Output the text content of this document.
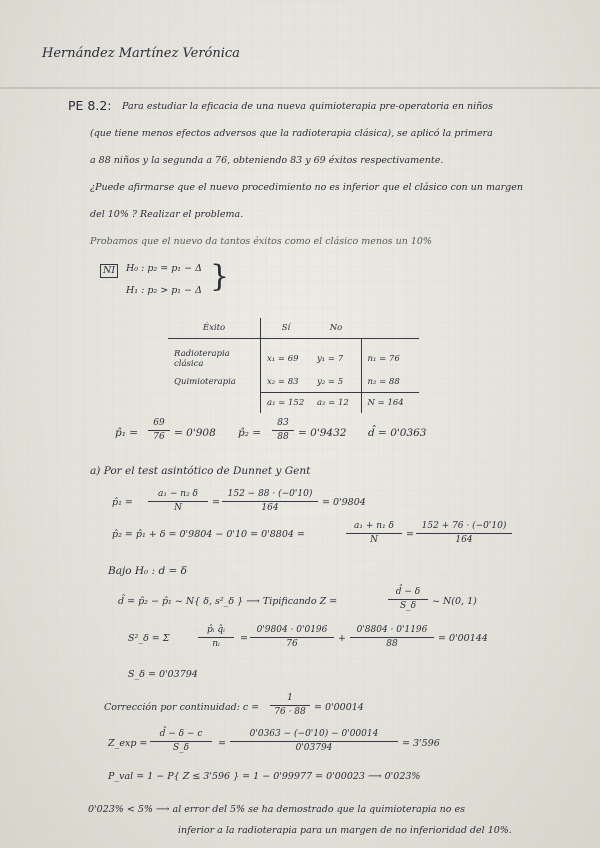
Hernández Martínez Verónica
PE 8.2: Para estudiar la eficacia de una nueva quimioterapia pre-operatoria en niños
(que tiene menos efectos adversos que la radioterapia clásica), se aplicó la primera
a 88 niños y la segunda a 76, obteniendo 83 y 69 éxitos respectivamente.
¿Puede afirmarse que el nuevo procedimiento no es inferior que el clásico con un margen
del 10% ? Realizar el problema.
Probamos que el nuevo da tantos éxitos como el clásico menos un 10%
NI	H₀ : p₂ = p₁ − Δ
H₁ : p₂ > p₁ − Δ }
Éxito	Sí	No	
Radioterapia clásica	x₁ = 69	y₁ = 7	n₁ = 76
Quimioterapia	x₂ = 83	y₂ = 5	n₂ = 88
	a₁ = 152	a₂ = 12	N = 164
p̂₁ = $\frac{69}{76} = 0'908$ p̂₂ = $\frac{83}{88} = 0'9432$ d̂ = 0'0363
a) Por el test asintótico de Dunnet y Gent
p̂₁ = $\frac{\text{a₁ − n₂ δ}}{N} = \frac{152 - 88 \cdot (-0'10)}{164} = 0'9804$
p̂₂ = p̂₁ + δ = 0'9804 − 0'10 = 0'8804 =	$\frac{\text{a₁ + n₁ δ}}{N} = \frac{152 + 76 \cdot (-0'10)}{164}$
Bajo H₀ : d = δ
d̂ = p̂₂ − p̂₁ ~ N{ δ, s²_δ } ⟶ Tipificando Z =	$\frac{d̂ - \delta}{S\_\delta}$ ~ N(0, 1)
S²_δ = Σ	$\frac{\text{p̂ᵢ q̂ᵢ}}{\text{nᵢ}} = \frac{0'9804 \cdot 0'0196}{76} + \frac{0'8804 \cdot 0'1196}{88} = 0'00144$
S_δ = 0'03794
Corrección por continuidad: $c = \frac{1}{76 \cdot 88} = 0'00014$
Z_exp = $\frac{d̂ - \delta - c}{S\_\delta} = \frac{0'0363 - (-0'10) - 0'00014}{0'03794} = 3'596$
P_val = 1 − P{ Z ≤ 3'596 } = 1 − 0'99977 = 0'00023 ⟶ 0'023%
0'023% < 5% ⟶ al error del 5% se ha demostrado que la quimioterapia no es
inferior a la radioterapia para un margen de no inferioridad del 10%.
